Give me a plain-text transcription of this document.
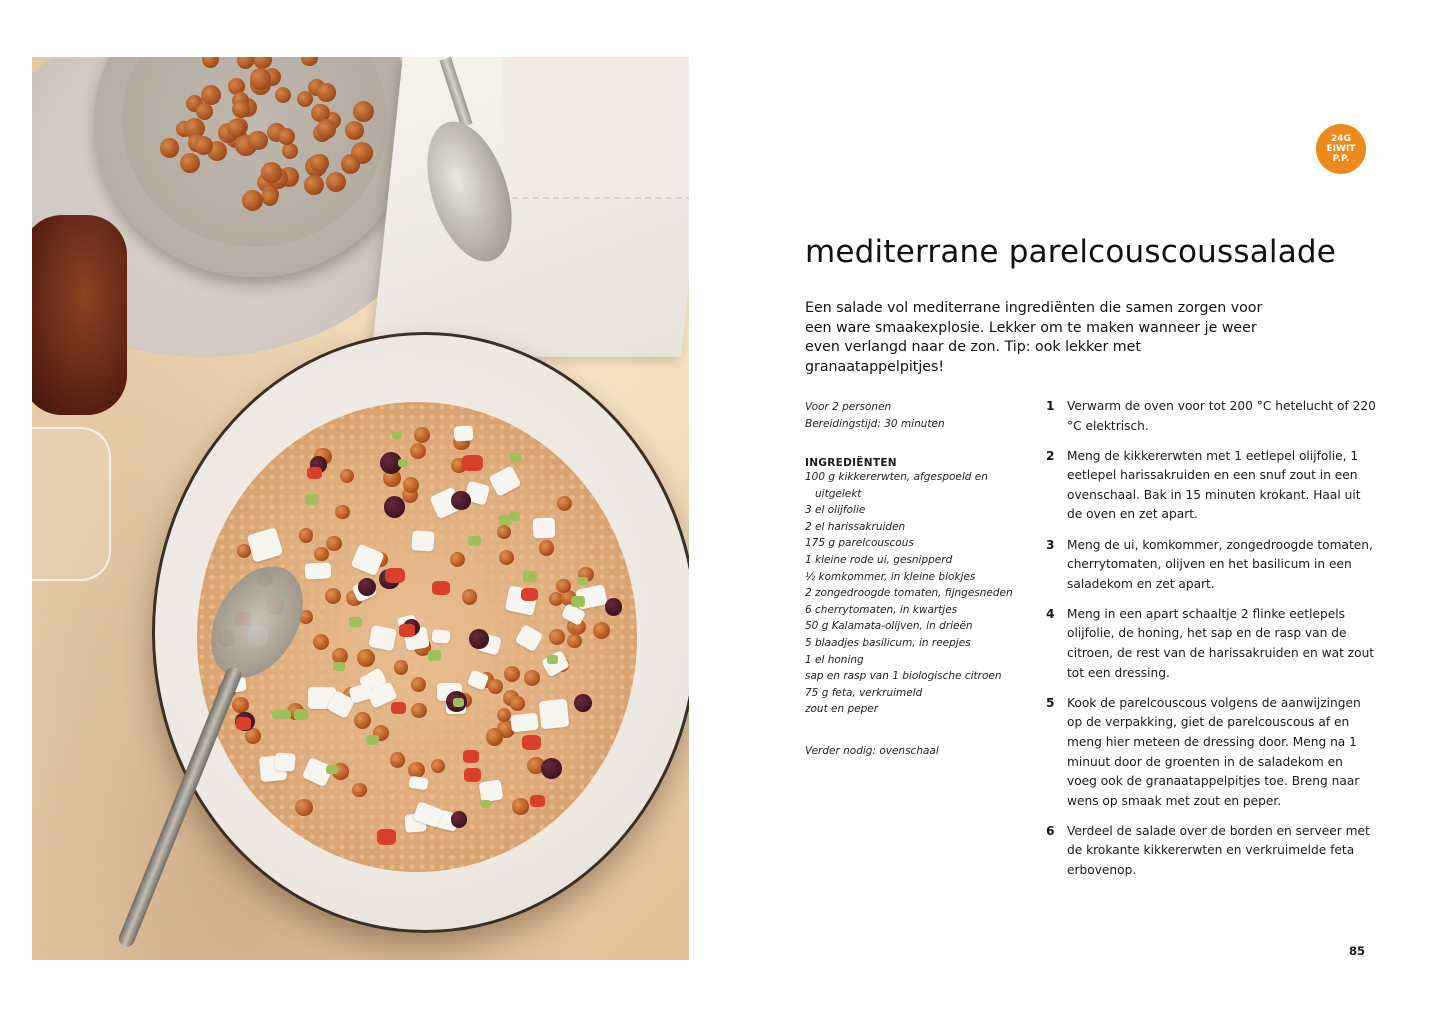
24G
EIWIT
P.P.
mediterrane parelcouscoussalade

Een salade vol mediterrane ingrediënten die samen zorgen voor een ware smaakexplosie. Lekker om te maken wanneer je weer even verlangd naar de zon. Tip: ook lekker met granaatappelpitjes!

Voor 2 personen

Bereidingstijd: 30 minuten

INGREDIËNTEN

100 g kikkererwten, afgespoeld en uitgelekt
3 el olijfolie
2 el harissakruiden
175 g parelcouscous
1 kleine rode ui, gesnipperd
½ komkommer, in kleine blokjes
2 zongedroogde tomaten, fijngesneden
6 cherrytomaten, in kwartjes
50 g Kalamata-olijven, in drieën
5 blaadjes basilicum, in reepjes
1 el honing
sap en rasp van 1 biologische citroen
75 g feta, verkruimeld
zout en peper

Verder nodig: ovenschaal

1	Verwarm de oven voor tot 200 °C hetelucht of 220 °C elektrisch.
2	Meng de kikkererwten met 1 eetlepel olijfolie, 1 eetlepel harissakruiden en een snuf zout in een ovenschaal. Bak in 15 minuten krokant. Haal uit de oven en zet apart.
3	Meng de ui, komkommer, zongedroogde tomaten, cherrytomaten, olijven en het basilicum in een saladekom en zet apart.
4	Meng in een apart schaaltje 2 flinke eetlepels olijfolie, de honing, het sap en de rasp van de citroen, de rest van de harissakruiden en wat zout tot een dressing.
5	Kook de parelcouscous volgens de aanwijzingen op de verpakking, giet de parelcouscous af en meng hier meteen de dressing door. Meng na 1 minuut door de groenten in de saladekom en voeg ook de granaatappelpitjes toe. Breng naar wens op smaak met zout en peper.
6	Verdeel de salade over de borden en serveer met de krokante kikkererwten en verkruimelde feta erbovenop.
85
